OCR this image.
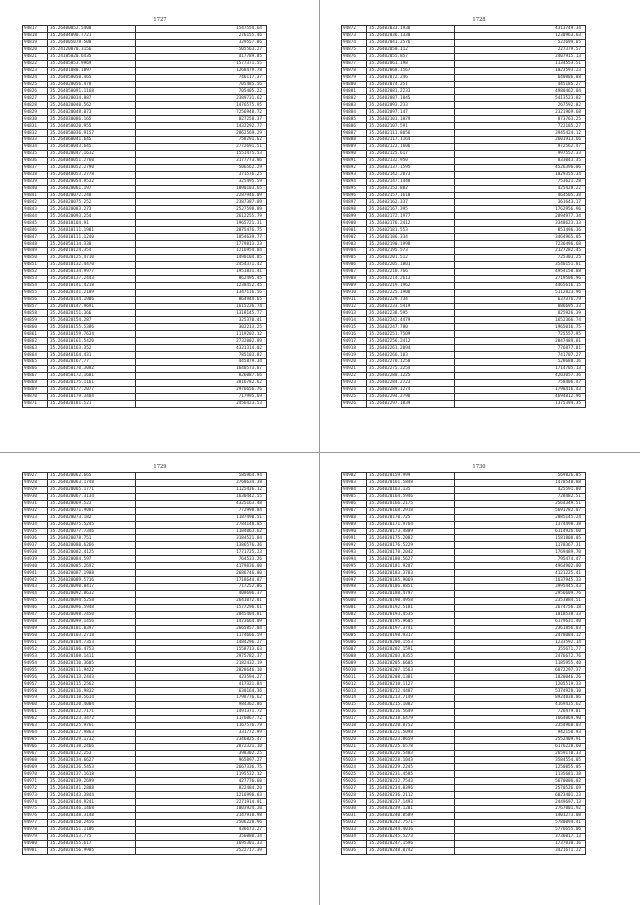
1727	1728
1729	1730
94817	35.26400052.5400	1547554.64
94818	35.26404090.7721	276155.46
94819	35.264005078.500	329557.86
94820	35.24120070.3156	505563.27
94821	35.24185020.6435	417789.85
94822	35.26405053.9969	1577371.55
94823	35.26401080.1097	1268479.78
94824	35.264050050.465	746117.37
94825	35.264020056.478	705485.56
94826	35.264050091.1168	705405.22
94827	35.264020034.887	2389731.62
94828	35.264020040.562	1476575.95
94829	35.264020048.873	7256948.72
94830	35.264030086.165	827258.37
94831	35.264050020.955	1432292.77
94832	35.264050036.9157	2862569.29
94833	35.264060041.645	758291.62
94834	35.264050043.645	2772691.51
94835	35.264020047.1632	1551475.53
94836	35.264040051.2760	3177773.86
94837	35.264010052.2790	506562.29
94838	35.264040053.2778	371576.25
94839	35.264020054.9532	325495.59
94840	35.264020061.197	1890103.65
94841	35.264020072.248	2287946.09
94842	35.264020075.252	2387387.89
94843	35.264020083.273	2527598.89
94844	35.264020093.254	2612255.79
94845	35.264010104.91	1965721.31
94846	35.264010111.1981	2075476.75
94847	35.264010111.1240	1854639.77
94848	35.264050114.330	1779813.23
94849	35.264010124.354	1216954.84
94850	35.264020125.4710	1490104.85
94851	35.264010132.4470	2454371.42
94852	35.264050134.9977	1951831.41
94853	35.264050137.2443	862495.45
94854	35.264010141.4218	1238452.45
94855	35.264020141.2189	1347116.56
94856	35.264020144.1906	864944.65
94857	35.264010147.9691	1615236.74
94858	35.264020151.366	1318145.77
94859	35.264020154.287	325370.41
94860	35.264010155.5386	302213.25
94861	35.264010159.7634	1119202.12
94862	35.264010161.5420	2732002.89
94863	35.264010163.352	4321314.02
94864	35.264040164.431	785103.82
94865	35.264020167.77	445879.34
94866	35.264050170.3082	1640573.87
94867	35.264050172.1601	826087.66
94868	35.264020175.1161	3016782.62
94869	35.264020177.2077	2976656.76
94870	35.264010179.3404	717995.69
94871	35.264020181.521	2456423.53
94872	35.26402033.1938	4313749.34
94873	35.26402036.1338	1230963.63
94874	35.26402041.2576	522699.65
94875	35.26402050.112	227379.57
94876	35.26402055.857	2407915.13
94877	35.26402061.198	1134553.51
94878	35.26402068.1567	1023593.23
94879	35.26402072.246	640886.88
94880	35.26402074.251	445185.27
94881	35.26402081.2233	4980462.04
94882	35.26402087.1045	5413523.82
94883	35.26402093.233	267592.82
94884	35.26402097.147	2321969.68
94885	35.26402101.1079	873763.25
94886	35.26402107.591	722185.27
94887	35.26402111.8056	3945424.12
94888	35.26402117.1164	2601913.66
94889	35.26402122.1606	972562.47
94890	35.26402125.617	997552.33
94891	35.26402132.950	833043.35
94892	35.26402137.1595	4526396.06
94893	35.26402142.2073	1029355.34
94894	35.26402147.1448	753621.28
94895	35.26402152.882	425428.22
94896	35.26402157.1618	464505.38
94897	35.26402162.337	361643.17
94898	35.26402167.395	1762956.96
94899	35.26402172.1977	2894977.34
94900	35.26402176.2412	3348623.33
94901	35.26402181.553	853496.36
94902	35.26402186.334	3464965.05
94903	35.26402190.1998	7236496.68
94904	35.26402195.573	2127282.45
94905	35.26402201.512	725303.25
94906	35.26402205.1801	3540151.81
94907	35.26402210.766	4954150.88
94908	35.26402214.2613	2719506.96
94909	35.26402219.1962	4465616.15
94910	35.26402225.1908	5112823.96
94911	35.26402229.734	637376.79
94912	35.26402233.5419	886695.33
94913	35.26402238.595	825926.39
94914	35.26402242.4479	1652366.74
94915	35.26402247.780	1965016.75
94916	35.26402251.7509	725557.95
94917	35.26402256.2412	2847489.81
94918	35.26402261.2094	776877.01
94919	35.26402266.103	741707.27
94920	35.26402270.1250	528688.16
94921	35.26402275.2254	1714705.13
94922	35.26402280.1225	4203057.36
94923	35.26402284.2723	758406.47
94924	35.26402289.1274	1798416.43
94925	35.26402294.2798	4694812.96
94926	35.26402297.1039	1375394.35
94927	35.264020062.665	585964.94
94928	35.264020063.1748	2768634.38
94929	35.264020065.1771	1125436.12
94930	35.264020067.3134	1630442.55
94931	35.264020069.523	4325163.48
94932	35.264020071.9081	772998.84
94933	35.264020073.182	1187498.51
94934	35.264020075.5245	2784148.85
94935	35.264020077.7346	1184063.62
94936	35.264020078.751	3184521.84
94937	35.264020080.6266	1386576.36
94938	35.264020082.4125	1771725.23
94939	35.264020084.597	764533.26
94940	35.264020085.2692	4179836.00
94941	35.264020087.1988	2686746.80
94942	35.264020089.5716	1718644.87
94943	35.264020090.8417	717252.06
94944	35.264020092.8632	408696.37
94945	35.264020094.5258	2641072.81
94946	35.264020096.5948	1577296.61
94947	35.264020098.7450	2045404.81
94948	35.264020099.1456	1473664.09
94949	35.264020101.8397	2665857.04
94950	35.264020103.2718	1174666.59
94951	35.264020104.7353	1484296.27
94952	35.264020106.4753	1558713.63
94953	35.264020108.1411	2975782.37
94954	35.264020110.3605	2182432.19
94955	35.264020111.9422	2828646.10
94956	35.264020113.2443	423594.27
94957	35.264020115.2562	417321.84
94958	35.264020116.9832	630164.36
94959	35.264020118.5614	1798776.62
94960	35.264020120.4004	984362.86
94961	35.264020122.7171	1491371.72
94962	35.264020123.3472	1176067.72
94963	35.264020125.9761	1167576.79
94964	35.264020127.9863	331772.99
94965	35.264020129.1732	2346825.47
94966	35.264020130.2466	2872321.10
94967	35.264020132.253	398302.25
94968	35.264020134.6627	965897.27
94969	35.264020136.5453	2667336.75
94970	35.264020137.1618	1195532.12
94971	35.264020139.2699	427776.60
94972	35.264020141.2888	822484.20
94973	35.264020143.3844	1216996.83
94974	35.264020144.9241	2271914.91
94975	35.264020146.1468	1003924.20
94976	35.264020148.3148	2147918.98
94977	35.264020150.2456	2506228.96
94978	35.264020151.1106	436673.27
94979	35.264020153.775	356080.34
94980	35.264020155.617	1695301.33
94981	35.264020156.9985	2522717.39
94982	35.264020159.999	569826.05
94983	35.264020161.5848	1478540.88
94984	35.264020163.135	425591.80
94985	35.264020164.5946	728482.51
94986	35.264020166.2175	2564349.51
94987	35.264020168.2918	5691782.07
94988	35.264020170.725	2085145.24
94989	35.264020171.9764	1374498.38
94990	35.264020173.4889	6114926.60
94991	35.264020175.2082	1581808.05
94992	35.264020176.5229	1178367.31
94993	35.264020178.2042	1769489.70
94994	35.264020180.5627	795474.47
94995	35.264020181.9207	4964902.00
94996	35.264020183.3703	4121225.41
94997	35.264020185.9069	1637945.33
94998	35.264020186.8851	3995445.43
94999	35.264020188.4797	2956609.76
95000	35.264020190.4958	2353884.51
95001	35.264020192.5181	2674756.18
95002	35.264020193.4535	1018538.33
95003	35.264020195.9605	6179631.40
95004	35.264020197.3741	2361856.03
95005	35.264020198.9317	2478084.12
95006	35.264020200.1553	1233592.14
95007	35.264020202.1591	355671.77
95008	35.264020203.8355	2476672.76
95009	35.264020205.6605	1185955.40
95010	35.264020207.1563	6072297.37
95011	35.264020208.1381	1020046.26
95012	35.264020210.1127	1205519.33
95013	35.264020212.4487	5374928.10
95014	35.264020213.7149	8924838.86
95015	35.264020215.1082	4169435.62
95016	35.264020216.5649	726479.01
95017	35.264020218.6479	1664069.90
95018	35.264020220.8752	2354968.03
95019	35.264020221.5098	942150.93
95020	35.264020223.8659	2552409.91
95021	35.264020225.6578	6176228.60
95022	35.264020226.5483	2659170.33
95023	35.264020228.1043	3584554.05
95024	35.264020229.2245	1250855.05
95025	35.264020231.4585	1135681.38
95026	35.264020232.7543	5670006.02
95027	35.264020234.8396	2570526.69
95028	35.264020236.2112	6023401.23
95029	35.264020237.1493	2449697.13
95030	35.264020239.1201	2767001.92
95031	35.264020240.8589	1401273.08
95032	35.264020242.7571	5780094.41
95033	35.264020244.4016	5776655.06
95034	35.264020245.5273	3736017.13
95035	35.264020247.1596	1737030.16
95036	35.264020248.8742	3421671.22
